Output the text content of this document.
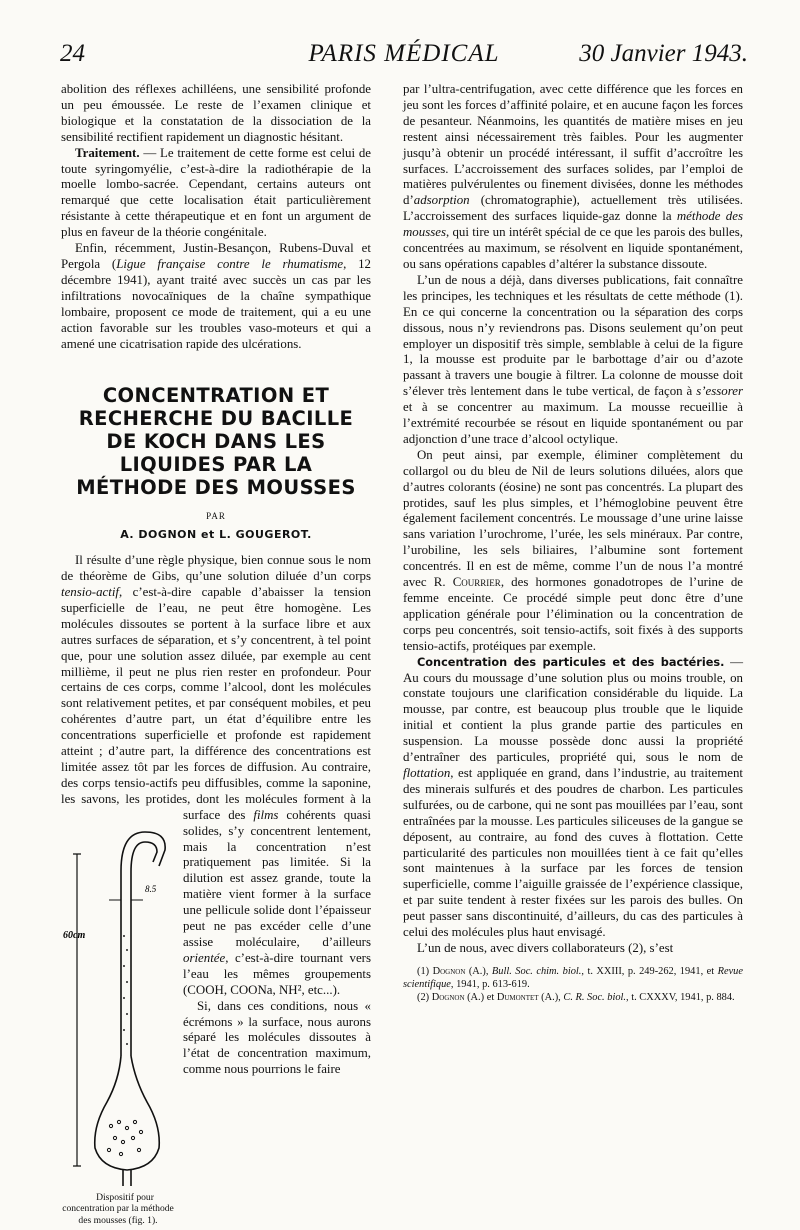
24	PARIS MÉDICAL	30 Janvier 1943.

abolition des réflexes achilléens, une sensibilité profonde un peu émoussée. Le reste de l’examen clinique et biologique et la constatation de la dissociation de la sensibilité rectifient rapidement un diagnostic hésitant.

Traitement. — Le traitement de cette forme est celui de toute syringomyélie, c’est-à-dire la radiothérapie de la moelle lombo-sacrée. Cependant, certains auteurs ont remarqué que cette localisation était particulièrement résistante à cette thérapeutique et en font un argument de plus en faveur de la théorie congénitale.

Enfin, récemment, Justin-Besançon, Rubens-Duval et Pergola (Ligue française contre le rhumatisme, 12 décembre 1941), ayant traité avec succès un cas par les infiltrations novocaïniques de la chaîne sympathique lombaire, proposent ce mode de traitement, qui a eu une action favorable sur les troubles vaso-moteurs et qui a amené une cicatrisation rapide des ulcérations.

CONCENTRATION ET RECHERCHE DU BACILLE DE KOCH DANS LES LIQUIDES PAR LA MÉTHODE DES MOUSSES
PAR
A. DOGNON et L. GOUGEROT.

Il résulte d’une règle physique, bien connue sous le nom de théorème de Gibs, qu’une solution diluée d’un corps tensio-actif, c’est-à-dire capable d’abaisser la tension superficielle de l’eau, ne peut être homogène. Les molécules dissoutes se portent à la surface libre et aux autres surfaces de séparation, et s’y concentrent, à tel point que, pour une solution assez diluée, par exemple au cent millième, il peut ne plus rien rester en profondeur. Pour certains de ces corps, comme l’alcool, dont les molécules sont relativement petites, et par conséquent mobiles, et peu cohérentes d’autre part, un état d’équilibre entre les concentrations superficielle et profonde est rapidement atteint ; d’autre part, la différence des concentrations est limitée assez tôt par les forces de diffusion. Au contraire, des corps tensio-actifs peu diffusibles, comme la saponine, les savons, les protides, dont les molécules forment à la surface des
60cm
8.5
Dispositif pour concentration par la méthode des mousses (fig. 1).
films cohérents quasi solides, s’y concentrent lentement, mais la concentration n’est pratiquement pas limitée. Si la dilution est assez grande, toute la matière vient former à la surface une pellicule solide dont l’épaisseur peut ne pas excéder celle d’une assise moléculaire, d’ailleurs orientée, c’est-à-dire tournant vers l’eau les mêmes groupements (COOH, COONa, NH², etc...).

Si, dans ces conditions, nous « écrémons » la surface, nous aurons séparé les molécules dissoutes à l’état de concentration maximum, comme nous pourrions le faire

par l’ultra-centrifugation, avec cette différence que les forces en jeu sont les forces d’affinité polaire, et en aucune façon les forces de pesanteur. Néanmoins, les quantités de matière mises en jeu restent ainsi nécessairement très faibles. Pour les augmenter jusqu’à obtenir un procédé intéressant, il suffit d’accroître les surfaces. L’accroissement des surfaces solides, par l’emploi de matières pulvérulentes ou finement divisées, donne les méthodes d’adsorption (chromatographie), actuellement très utilisées. L’accroissement des surfaces liquide-gaz donne la méthode des mousses, qui tire un intérêt spécial de ce que les parois des bulles, concentrées au maximum, se résolvent en liquide spontanément, ou sans opérations capables d’altérer la substance dissoute.

L’un de nous a déjà, dans diverses publications, fait connaître les principes, les techniques et les résultats de cette méthode (1). En ce qui concerne la concentration ou la séparation des corps dissous, nous n’y reviendrons pas. Disons seulement qu’on peut employer un dispositif très simple, semblable à celui de la figure 1, la mousse est produite par le barbottage d’air ou d’azote passant à travers une bougie à filtrer. La colonne de mousse doit s’élever très lentement dans le tube vertical, de façon à s’essorer et à se concentrer au maximum. La mousse recueillie à l’extrémité recourbée se résout en liquide spontanément ou par adjonction d’une trace d’alcool octylique.

On peut ainsi, par exemple, éliminer complètement du collargol ou du bleu de Nil de leurs solutions diluées, alors que d’autres colorants (éosine) ne sont pas concentrés. La plupart des protides, sauf les plus simples, et l’hémoglobine peuvent être également facilement concentrés. Le moussage d’une urine laisse sans variation l’urochrome, l’urée, les sels minéraux. Par contre, l’urobiline, les sels biliaires, l’albumine sont fortement concentrés. Il en est de même, comme l’un de nous l’a montré avec R. Courrier, des hormones gonadotropes de l’urine de femme enceinte. Ce procédé simple peut donc être d’une application générale pour l’élimination ou la concentration de corps peu concentrés, soit tensio-actifs, soit fixés à des supports tensio-actifs, protéiques par exemple.

Concentration des particules et des bactéries. — Au cours du moussage d’une solution plus ou moins trouble, on constate toujours une clarification considérable du liquide. La mousse, par contre, est beaucoup plus trouble que le liquide initial et contient la plus grande partie des particules en suspension. La mousse possède donc aussi la propriété d’entraîner des particules, propriété qui, sous le nom de flottation, est appliquée en grand, dans l’industrie, au traitement des minerais sulfurés et des poudres de charbon. Les particules sulfurées, ou de carbone, qui ne sont pas mouillées par l’eau, sont entraînées par la mousse. Les particules siliceuses de la gangue se déposent, au contraire, au fond des cuves à flottation. Cette particularité des particules non mouillées tient à ce fait qu’elles sont maintenues à la surface par les forces de tension superficielle, comme l’aiguille graissée de l’expérience classique, et par suite tendent à rester fixées sur les parois des bulles. On peut passer sans discontinuité, d’ailleurs, du cas des particules à celui des molécules plus haut envisagé.

L’un de nous, avec divers collaborateurs (2), s’est

(1) Dognon (A.), Bull. Soc. chim. biol., t. XXIII, p. 249-262, 1941, et Revue scientifique, 1941, p. 613-619.
(2) Dognon (A.) et Dumontet (A.), C. R. Soc. biol., t. CXXXV, 1941, p. 884.
